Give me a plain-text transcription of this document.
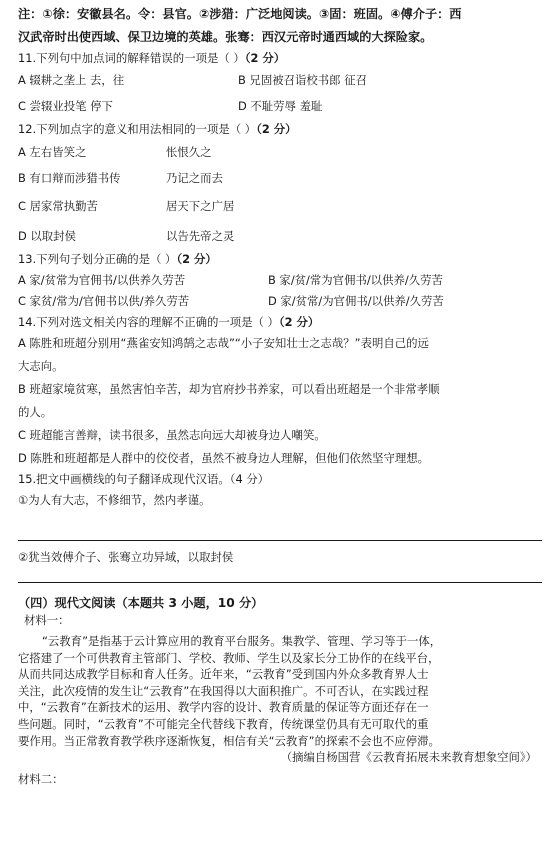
注：①徐：安徽县名。令：县官。②涉猎：广泛地阅读。③固：班固。④傅介子：西

汉武帝时出使西域、保卫边境的英雄。张骞：西汉元帝时通西域的大探险家。

11.下列句中加点词的解释错误的一项是（ ）（2 分）

A 辍耕之垄上 去，往	B 兄固被召诣校书郎 征召

C 尝辍业投笔 停下	D 不耻劳辱 羞耻

12.下列加点字的意义和用法相同的一项是（ ）（2 分）

A 左右皆笑之	怅恨久之

B 有口辩而涉猎书传	乃记之而去

C 居家常执勤苦	居天下之广居

D 以取封侯	以告先帝之灵

13.下列句子划分正确的是（ ）（2 分）

A 家/贫常为官佣书/以供养久劳苦	B 家/贫/常为官佣书/以供养/久劳苦

C 家贫/常为/官佣书以供/养久劳苦	D 家/贫常/为官佣书/以供养/久劳苦

14.下列对选文相关内容的理解不正确的一项是（ ）（2 分）

A 陈胜和班超分别用“燕雀安知鸿鹄之志哉”“小子安知壮士之志哉？”表明自己的远

大志向。

B 班超家境贫寒，虽然害怕辛苦，却为官府抄书养家，可以看出班超是一个非常孝顺

的人。

C 班超能言善辩，读书很多，虽然志向远大却被身边人嘲笑。

D 陈胜和班超都是人群中的佼佼者，虽然不被身边人理解，但他们依然坚守理想。

15.把文中画横线的句子翻译成现代汉语。（4 分）

①为人有大志，不修细节，然内孝谨。

②犹当效傅介子、张骞立功异域，以取封侯

（四）现代文阅读（本题共 3 小题，10 分）

材料一：

“云教育”是指基于云计算应用的教育平台服务。集教学、管理、学习等于一体，

它搭建了一个可供教育主管部门、学校、教师、学生以及家长分工协作的在线平台，

从而共同达成教学目标和育人任务。近年来，“云教育”受到国内外众多教育界人士

关注，此次疫情的发生让“云教育”在我国得以大面积推广。不可否认，在实践过程

中，“云教育”在新技术的运用、教学内容的设计、教育质量的保证等方面还存在一

些问题。同时，“云教育”不可能完全代替线下教育，传统课堂仍具有无可取代的重

要作用。当正常教育教学秩序逐渐恢复，相信有关“云教育”的探索不会也不应停滞。

（摘编自杨国营《云教育拓展未来教育想象空间》）

材料二：
